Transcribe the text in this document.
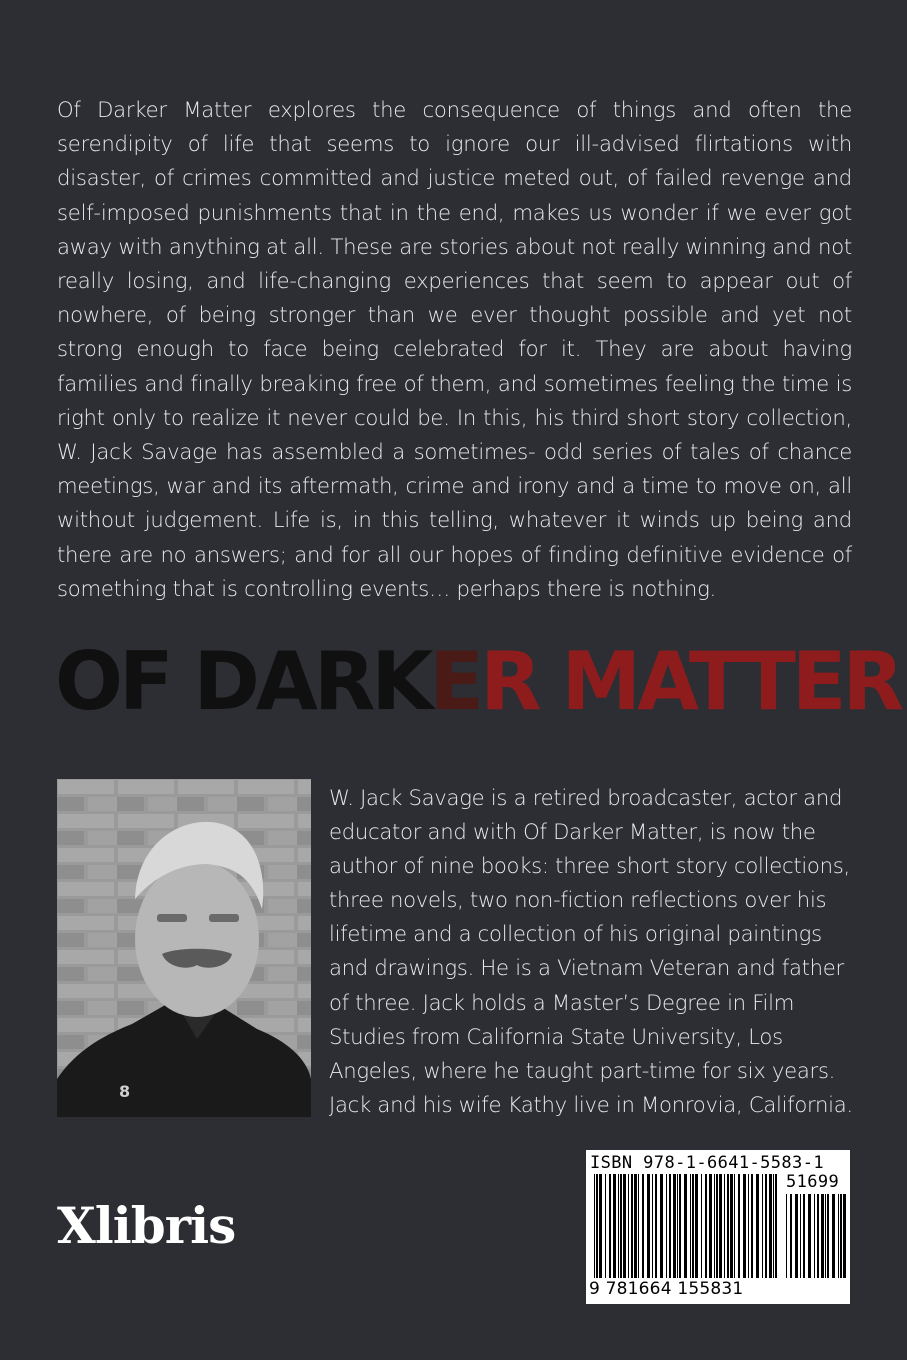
Of Darker Matter explores the consequence of things and often the serendipity of life that seems to ignore our ill-advised flirtations with disaster, of crimes committed and justice meted out, of failed revenge and self-imposed punishments that in the end, makes us wonder if we ever got away with anything at all. These are stories about not really winning and not really losing, and life-changing experiences that seem to appear out of nowhere, of being stronger than we ever thought possible and yet not strong enough to face being celebrated for it. They are about having families and finally breaking free of them, and sometimes feeling the time is right only to realize it never could be. In this, his third short story collection, W. Jack Savage has assembled a sometimes- odd series of tales of chance meetings, war and its aftermath, crime and irony and a time to move on, all without judgement. Life is, in this telling, whatever it winds up being and there are no answers; and for all our hopes of finding definitive evidence of something that is controlling events… perhaps there is nothing.

OF DARKER MATTER
8

W. Jack Savage is a retired broadcaster, actor and educator and with Of Darker Matter, is now the author of nine books: three short story collections, three novels, two non-fiction reflections over his lifetime and a collection of his original paintings and drawings. He is a Vietnam Veteran and father of three. Jack holds a Master’s Degree in Film Studies from California State University, Los Angeles, where he taught part-time for six years. Jack and his wife Kathy live in Monrovia, California.

Xlibris
ISBN 978-1-6641-5583-1
51699
9 781664 155831
